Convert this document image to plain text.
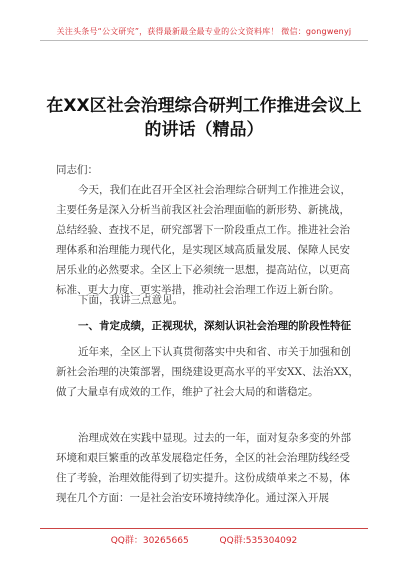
关注头条号“公文研究”，获得最新最全最专业的公文资料库！ 微信：gongwenyj
在XX区社会治理综合研判工作推进会议上的讲话（精品）
同志们：
今天，我们在此召开全区社会治理综合研判工作推进会议，主要任务是深入分析当前我区社会治理面临的新形势、新挑战，总结经验、查找不足，研究部署下一阶段重点工作。推进社会治理体系和治理能力现代化，是实现区域高质量发展、保障人民安居乐业的必然要求。全区上下必须统一思想，提高站位，以更高标准、更大力度、更实举措，推动社会治理工作迈上新台阶。
下面，我讲三点意见。
一、肯定成绩，正视现状，深刻认识社会治理的阶段性特征
近年来，全区上下认真贯彻落实中央和省、市关于加强和创新社会治理的决策部署，围绕建设更高水平的平安XX、法治XX，做了大量卓有成效的工作，维护了社会大局的和谐稳定。
治理成效在实践中显现。过去的一年，面对复杂多变的外部环境和艰巨繁重的改革发展稳定任务，全区的社会治理防线经受住了考验，治理效能得到了切实提升。这份成绩单来之不易，体现在几个方面：一是社会治安环境持续净化。通过深入开展
QQ群：30265665	QQ群:535304092
